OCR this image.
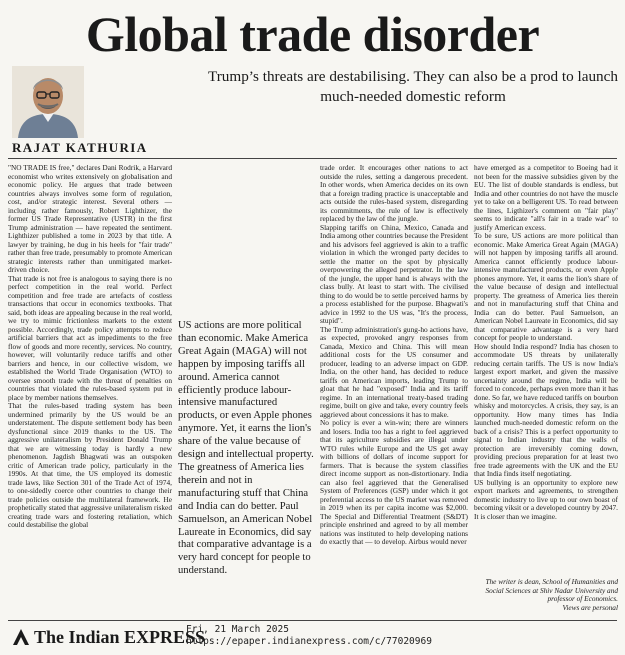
Global trade disorder
Trump’s threats are destabilising. They can also be a prod to launch much-needed domestic reform
RAJAT KATHURIA
"NO TRADE IS free," declares Dani Rodrik, a Harvard economist who writes extensively on globalisation and economic policy. He argues that trade between countries always involves some form of regulation, cost, and/or strategic interest. Several others — including rather famously, Robert Lighthizer, the former US Trade Representative (USTR) in the first Trump administration — have repeated the sentiment. Lighthizer published a tome in 2023 by that title. A lawyer by training, he dug in his heels for "fair trade" rather than free trade, presumably to promote American strategic interests rather than unmitigated market-driven choice.
That trade is not free is analogous to saying there is no perfect competition in the real world. Perfect competition and free trade are artefacts of costless transactions that occur in economics textbooks. That said, both ideas are appealing because in the real world, we try to mimic frictionless markets to the extent possible. Accordingly, trade policy attempts to reduce artificial barriers that act as impediments to the free flow of goods and more recently, services. No country, however, will voluntarily reduce tariffs and other barriers and hence, in our collective wisdom, we established the World Trade Organisation (WTO) to oversee smooth trade with the threat of penalties on countries that violated the rules-based system put in place by member nations themselves.
That the rules-based trading system has been undermined primarily by the US would be an understatement. The dispute settlement body has been dysfunctional since 2019 thanks to the US. The aggressive unilateralism by President Donald Trump that we are witnessing today is hardly a new phenomenon. Jagdish Bhagwati was an outspoken critic of American trade policy, particularly in the 1990s. At that time, the US employed its domestic trade laws, like Section 301 of the Trade Act of 1974, to one-sidedly coerce other countries to change their trade policies outside the multilateral framework. He prophetically stated that aggressive unilateralism risked creating trade wars and fostering retaliation, which could destabilise the global
US actions are more political than economic. Make America Great Again (MAGA) will not happen by imposing tariffs all around. America cannot efficiently produce labour-intensive manufactured products, or even Apple phones anymore. Yet, it earns the lion's share of the value because of design and intellectual property. The greatness of America lies therein and not in manufacturing stuff that China and India can do better. Paul Samuelson, an American Nobel Laureate in Economics, did say that comparative advantage is a very hard concept for people to understand.
trade order. It encourages other nations to act outside the rules, setting a dangerous precedent. In other words, when America decides on its own that a foreign trading practice is unacceptable and acts outside the rules-based system, disregarding its commitments, the rule of law is effectively replaced by the law of the jungle.
Slapping tariffs on China, Mexico, Canada and India among other countries because the President and his advisors feel aggrieved is akin to a traffic violation in which the wronged party decides to settle the matter on the spot by physically overpowering the alleged perpetrator. In the law of the jungle, the upper hand is always with the class bully. At least to start with. The civilised thing to do would be to settle perceived harms by a process established for the purpose. Bhagwati's advice in 1992 to the US was, "It's the process, stupid".
The Trump administration's gung-ho actions have, as expected, provoked angry responses from Canada, Mexico and China. This will mean additional costs for the US consumer and producer, leading to an adverse impact on GDP. India, on the other hand, has decided to reduce tariffs on American imports, leading Trump to gloat that he had "exposed" India and its tariff regime. In an international treaty-based trading regime, built on give and take, every country feels aggrieved about concessions it has to make.
No policy is ever a win-win; there are winners and losers. India too has a right to feel aggrieved that its agriculture subsidies are illegal under WTO rules while Europe and the US get away with billions of dollars of income support for farmers. That is because the system classifies direct income support as non-distortionary. India can also feel aggrieved that the Generalised System of Preferences (GSP) under which it got preferential access to the US market was removed in 2019 when its per capita income was $2,000. The Special and Differential Treatment (S&DT) principle enshrined and agreed to by all member nations was instituted to help developing nations do exactly that — to develop. Airbus would never
have emerged as a competitor to Boeing had it not been for the massive subsidies given by the EU. The list of double standards is endless, but India and other countries do not have the muscle yet to take on a belligerent US. To read between the lines, Ligthizer's comment on "fair play" seems to indicate "all's fair in a trade war" to justify American excess.
To be sure, US actions are more political than economic. Make America Great Again (MAGA) will not happen by imposing tariffs all around. America cannot efficiently produce labour-intensive manufactured products, or even Apple phones anymore. Yet, it earns the lion's share of the value because of design and intellectual property. The greatness of America lies therein and not in manufacturing stuff that China and India can do better. Paul Samuelson, an American Nobel Laureate in Economics, did say that comparative advantage is a very hard concept for people to understand.
How should India respond? India has chosen to accommodate US threats by unilaterally reducing certain tariffs. The US is now India's largest export market, and given the massive uncertainty around the regime, India will be forced to concede, perhaps even more than it has done. So far, we have reduced tariffs on bourbon whisky and motorcycles. A crisis, they say, is an opportunity. How many times has India launched much-needed domestic reform on the back of a crisis? This is a perfect opportunity to signal to Indian industry that the walls of protection are irreversibly coming down, providing precious preparation for at least two free trade agreements with the UK and the EU that India finds itself negotiating.
US bullying is an opportunity to explore new export markets and agreements, to strengthen domestic industry to live up to our own boast of becoming viksit or a developed country by 2047. It is closer than we imagine.
The writer is dean, School of Humanities and Social Sciences at Shiv Nadar University and professor of Economics.
Views are personal
The Indian EXPRESS
Fri, 21 March 2025
https://epaper.indianexpress.com/c/77020969
